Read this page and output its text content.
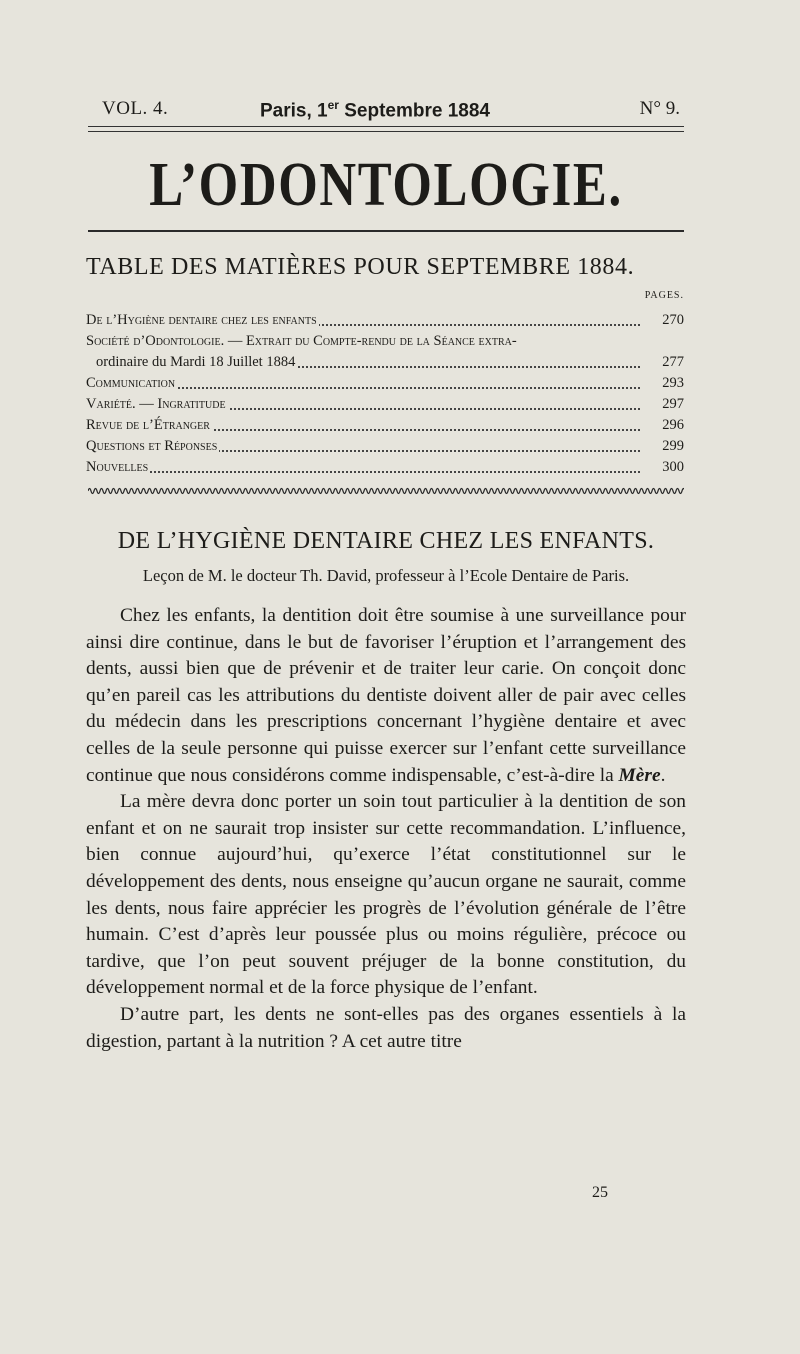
VOL. 4.	Paris, 1er Septembre 1884	N° 9.
L’ODONTOLOGIE.
TABLE DES MATIÈRES POUR SEPTEMBRE 1884.
PAGES.
De l’Hygiène dentaire chez les enfants	270
Société d’Odontologie. — Extrait du Compte-rendu de la Séance extra-
ordinaire du Mardi 18 Juillet 1884	277
Communication	293
Variété. — Ingratitude	297
Revue de l’Étranger	296
Questions et Réponses	299
Nouvelles	300
DE L’HYGIÈNE DENTAIRE CHEZ LES ENFANTS.
Leçon de M. le docteur Th. David, professeur à l’Ecole Dentaire de Paris.

Chez les enfants, la dentition doit être soumise à une surveillance pour ainsi dire continue, dans le but de favoriser l’éruption et l’arrangement des dents, aussi bien que de prévenir et de traiter leur carie. On conçoit donc qu’en pareil cas les attributions du dentiste doivent aller de pair avec celles du médecin dans les prescriptions concernant l’hygiène dentaire et avec celles de la seule personne qui puisse exercer sur l’enfant cette surveillance continue que nous considérons comme indispensable, c’est-à-dire la Mère.

La mère devra donc porter un soin tout particulier à la dentition de son enfant et on ne saurait trop insister sur cette recommandation. L’influence, bien connue aujourd’hui, qu’exerce l’état constitutionnel sur le développement des dents, nous enseigne qu’aucun organe ne saurait, comme les dents, nous faire apprécier les progrès de l’évolution générale de l’être humain. C’est d’après leur poussée plus ou moins régulière, précoce ou tardive, que l’on peut souvent préjuger de la bonne constitution, du développement normal et de la force physique de l’enfant.

D’autre part, les dents ne sont-elles pas des organes essentiels à la digestion, partant à la nutrition ? A cet autre titre

25
